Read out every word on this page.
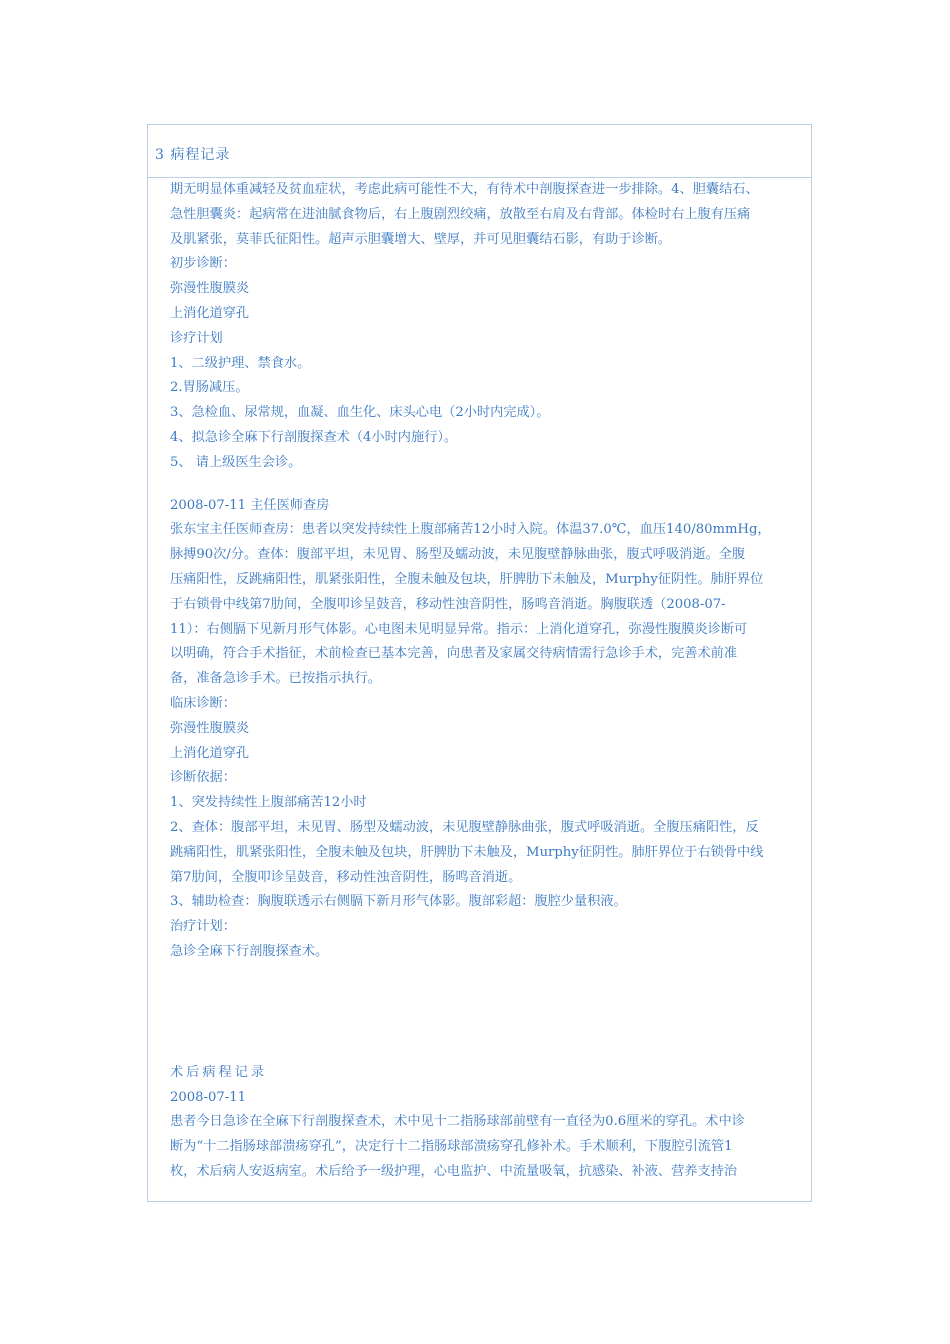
3 病程记录
期无明显体重减轻及贫血症状，考虑此病可能性不大，有待术中剖腹探查进一步排除。4、胆囊结石、
急性胆囊炎：起病常在进油腻食物后，右上腹剧烈绞痛，放散至右肩及右背部。体检时右上腹有压痛
及肌紧张，莫菲氏征阳性。超声示胆囊增大、壁厚，并可见胆囊结石影，有助于诊断。
初步诊断：
弥漫性腹膜炎
上消化道穿孔
诊疗计划
1、二级护理、禁食水。
2.胃肠减压。
3、急检血、尿常规，血凝、血生化、床头心电（2小时内完成）。
4、拟急诊全麻下行剖腹探查术（4小时内施行）。
5、 请上级医生会诊。
2008-07-11 主任医师查房
张东宝主任医师查房：患者以突发持续性上腹部痛苦12小时入院。体温37.0℃，血压140/80mmHg，
脉搏90次/分。查体：腹部平坦，未见胃、肠型及蠕动波，未见腹壁静脉曲张，腹式呼吸消逝。全腹
压痛阳性，反跳痛阳性，肌紧张阳性，全腹未触及包块，肝脾肋下未触及，Murphy征阴性。肺肝界位
于右锁骨中线第7肋间，全腹叩诊呈鼓音，移动性浊音阴性，肠鸣音消逝。胸腹联透（2008-07-
11）：右侧膈下见新月形气体影。心电图未见明显异常。指示：上消化道穿孔，弥漫性腹膜炎诊断可
以明确，符合手术指征，术前检查已基本完善，向患者及家属交待病情需行急诊手术，完善术前准
备，准备急诊手术。已按指示执行。
临床诊断：
弥漫性腹膜炎
上消化道穿孔
诊断依据：
1、突发持续性上腹部痛苦12小时
2、查体：腹部平坦，未见胃、肠型及蠕动波，未见腹壁静脉曲张，腹式呼吸消逝。全腹压痛阳性，反
跳痛阳性，肌紧张阳性，全腹未触及包块，肝脾肋下未触及，Murphy征阴性。肺肝界位于右锁骨中线
第7肋间，全腹叩诊呈鼓音，移动性浊音阴性，肠鸣音消逝。
3、辅助检查：胸腹联透示右侧膈下新月形气体影。腹部彩超：腹腔少量积液。
治疗计划：
急诊全麻下行剖腹探查术。
术后病程记录
2008-07-11
患者今日急诊在全麻下行剖腹探查术，术中见十二指肠球部前壁有一直径为0.6厘米的穿孔。术中诊
断为“十二指肠球部溃疡穿孔”，决定行十二指肠球部溃疡穿孔修补术。手术顺利，下腹腔引流管1
枚，术后病人安返病室。术后给予一级护理，心电监护、中流量吸氧，抗感染、补液、营养支持治
